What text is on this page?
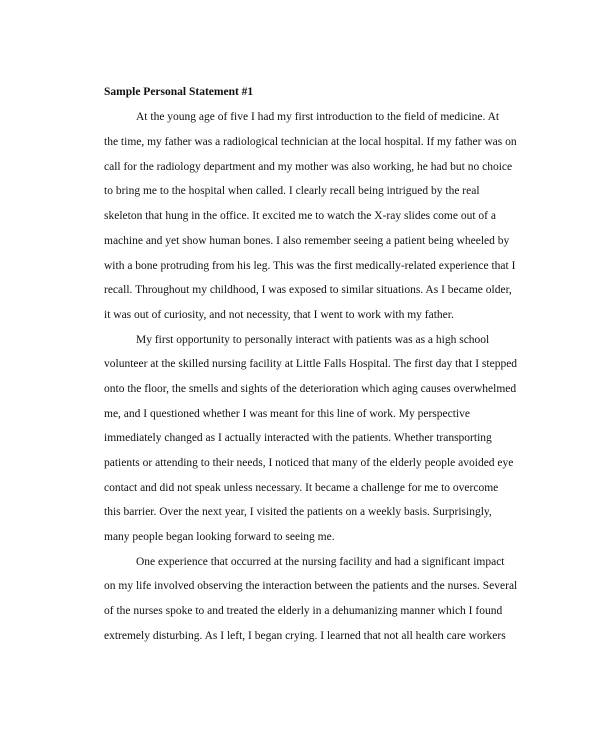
Sample Personal Statement #1
At the young age of five I had my first introduction to the field of medicine. At
the time, my father was a radiological technician at the local hospital. If my father was on
call for the radiology department and my mother was also working, he had but no choice
to bring me to the hospital when called. I clearly recall being intrigued by the real
skeleton that hung in the office. It excited me to watch the X-ray slides come out of a
machine and yet show human bones. I also remember seeing a patient being wheeled by
with a bone protruding from his leg. This was the first medically-related experience that I
recall. Throughout my childhood, I was exposed to similar situations. As I became older,
it was out of curiosity, and not necessity, that I went to work with my father.
My first opportunity to personally interact with patients was as a high school
volunteer at the skilled nursing facility at Little Falls Hospital. The first day that I stepped
onto the floor, the smells and sights of the deterioration which aging causes overwhelmed
me, and I questioned whether I was meant for this line of work. My perspective
immediately changed as I actually interacted with the patients. Whether transporting
patients or attending to their needs, I noticed that many of the elderly people avoided eye
contact and did not speak unless necessary. It became a challenge for me to overcome
this barrier. Over the next year, I visited the patients on a weekly basis. Surprisingly,
many people began looking forward to seeing me.
One experience that occurred at the nursing facility and had a significant impact
on my life involved observing the interaction between the patients and the nurses. Several
of the nurses spoke to and treated the elderly in a dehumanizing manner which I found
extremely disturbing. As I left, I began crying. I learned that not all health care workers
